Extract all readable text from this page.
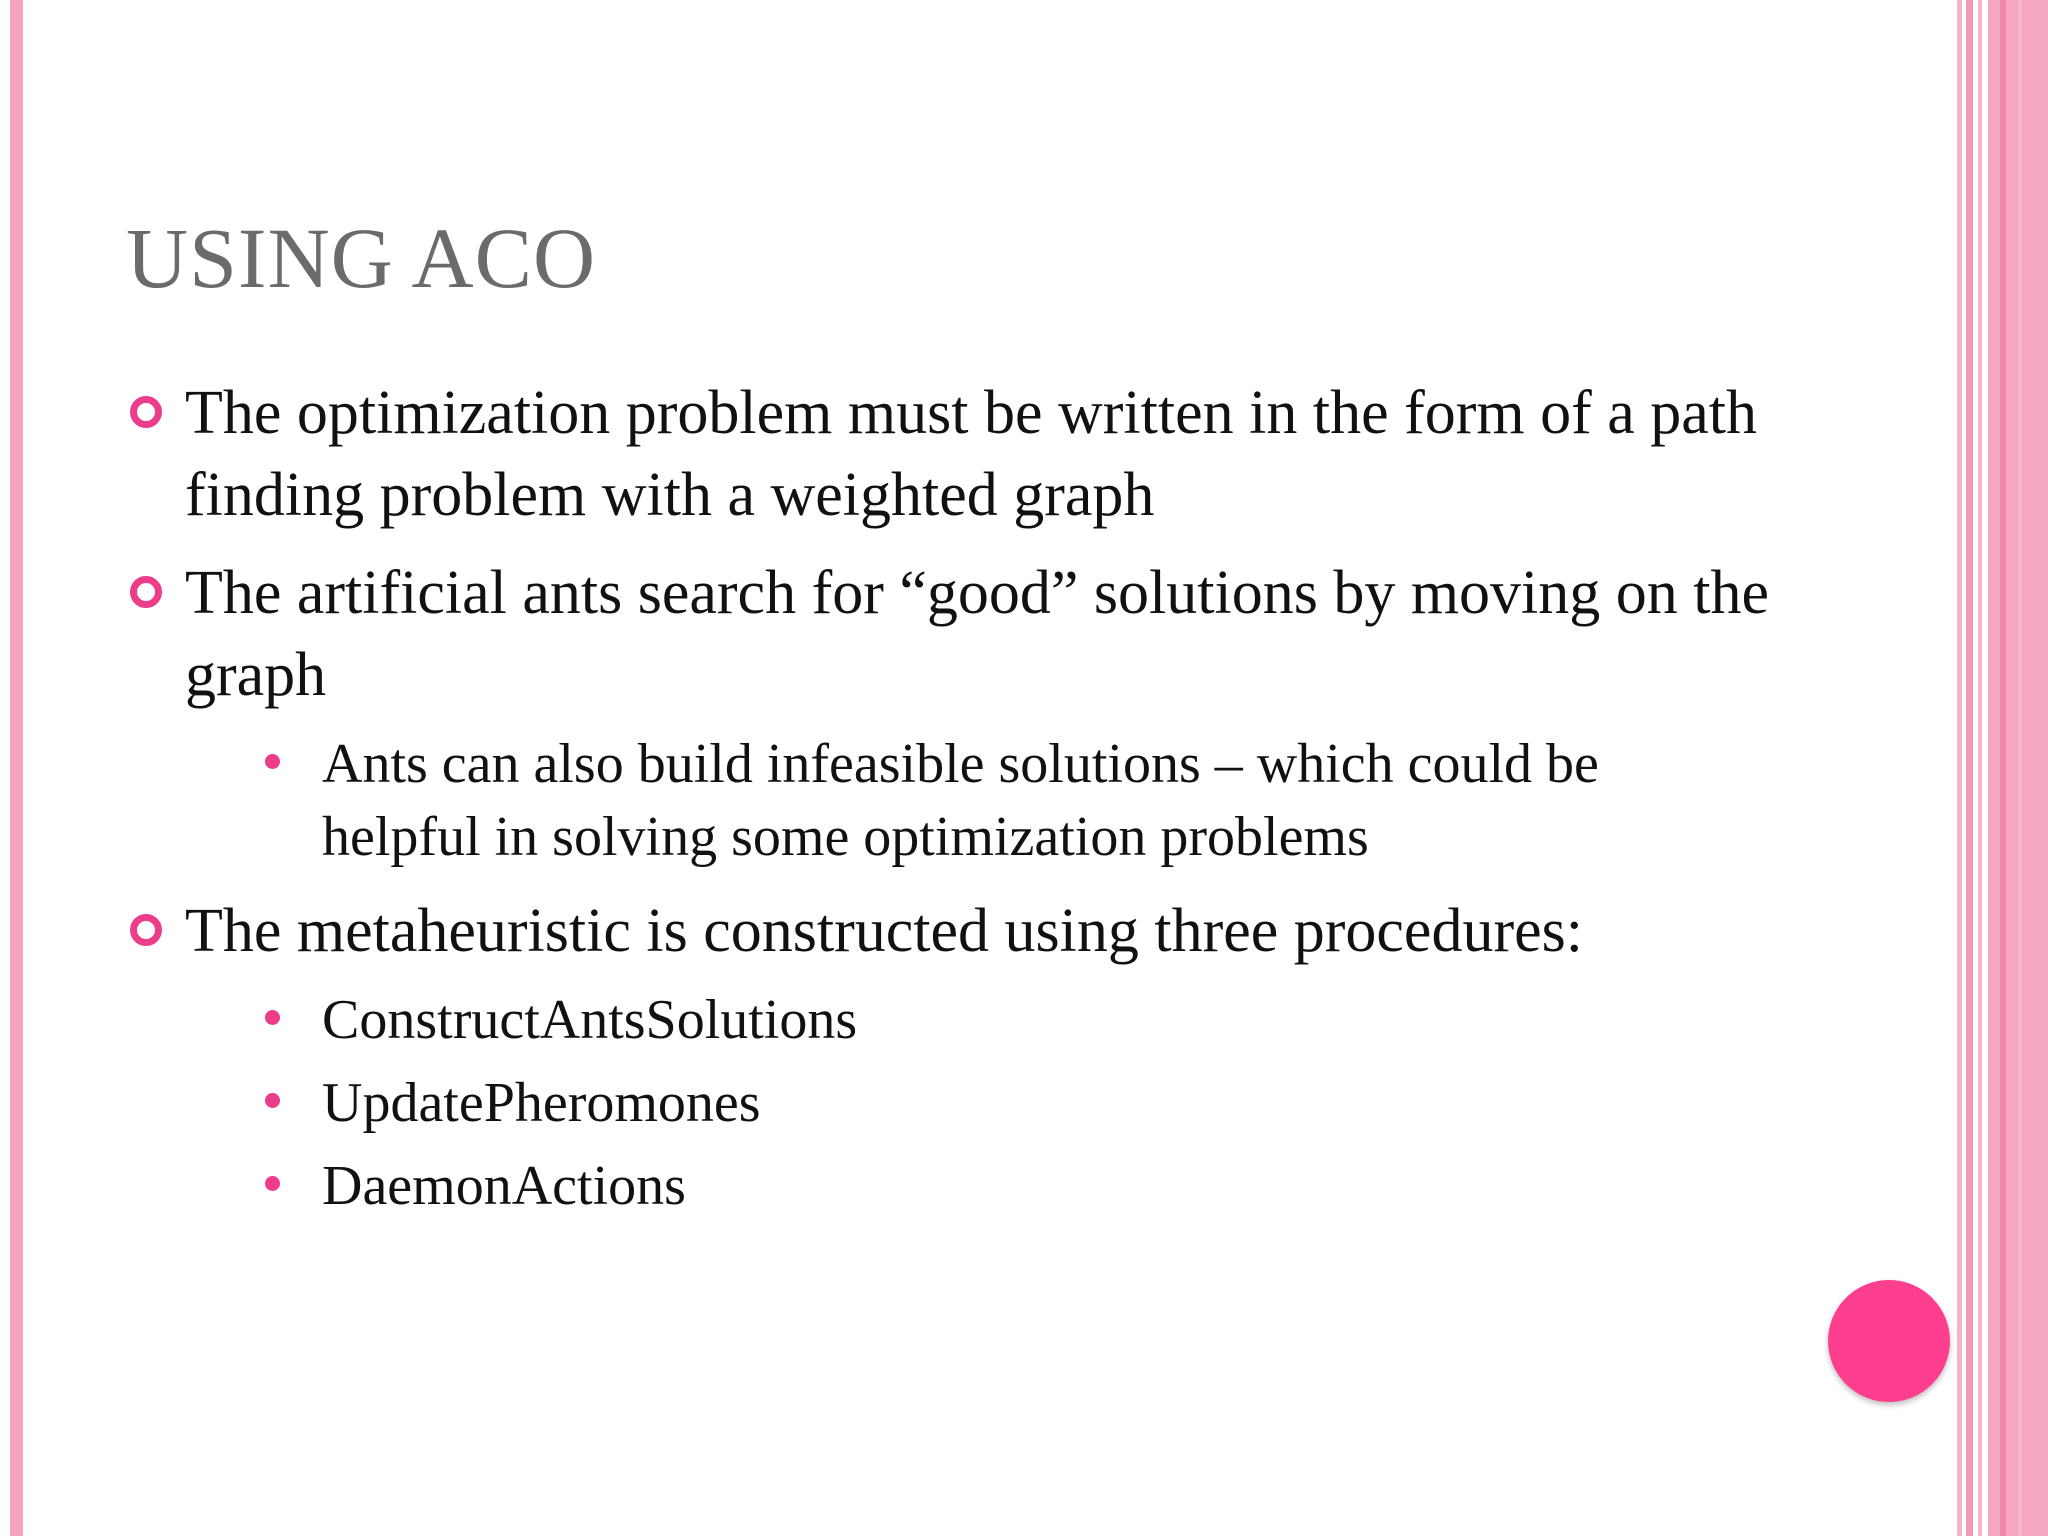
USING ACO
The optimization problem must be written in the form of a path finding problem with a weighted graph
The artificial ants search for “good” solutions by moving on the graph
Ants can also build infeasible solutions – which could be helpful in solving some optimization problems
The metaheuristic is constructed using three procedures:
ConstructAntsSolutions
UpdatePheromones
DaemonActions
